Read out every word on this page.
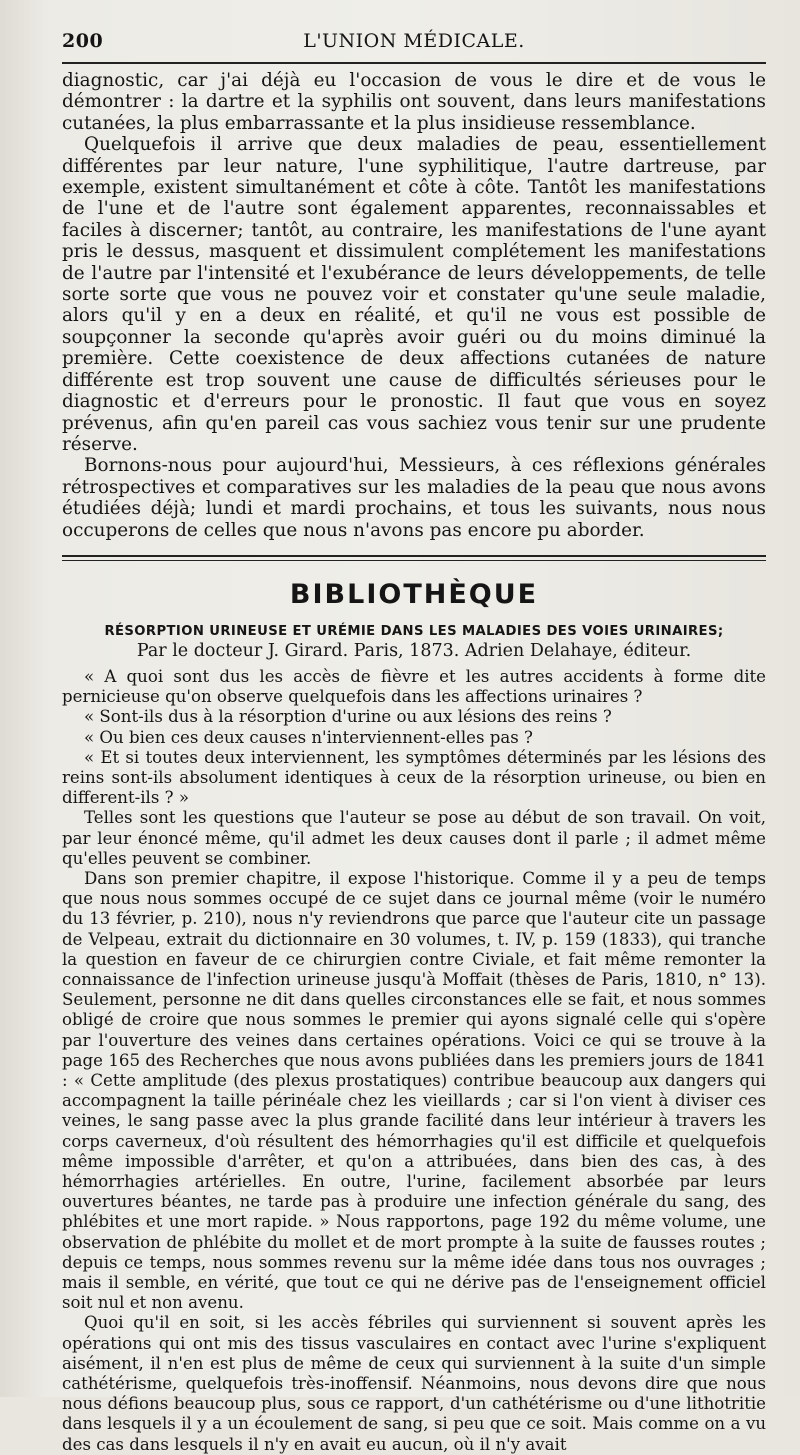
200	L'UNION MÉDICALE.

diagnostic, car j'ai déjà eu l'occasion de vous le dire et de vous le démontrer : la dartre et la syphilis ont souvent, dans leurs manifestations cutanées, la plus embarrassante et la plus insidieuse ressemblance.

Quelquefois il arrive que deux maladies de peau, essentiellement différentes par leur nature, l'une syphilitique, l'autre dartreuse, par exemple, existent simultanément et côte à côte. Tantôt les manifestations de l'une et de l'autre sont également apparentes, reconnaissables et faciles à discerner; tantôt, au contraire, les manifestations de l'une ayant pris le dessus, masquent et dissimulent complétement les manifestations de l'autre par l'intensité et l'exubérance de leurs développements, de telle sorte sorte que vous ne pouvez voir et constater qu'une seule maladie, alors qu'il y en a deux en réalité, et qu'il ne vous est possible de soupçonner la seconde qu'après avoir guéri ou du moins diminué la première. Cette coexistence de deux affections cutanées de nature différente est trop souvent une cause de difficultés sérieuses pour le diagnostic et d'erreurs pour le pronostic. Il faut que vous en soyez prévenus, afin qu'en pareil cas vous sachiez vous tenir sur une prudente réserve.

Bornons-nous pour aujourd'hui, Messieurs, à ces réflexions générales rétrospectives et comparatives sur les maladies de la peau que nous avons étudiées déjà; lundi et mardi prochains, et tous les suivants, nous nous occuperons de celles que nous n'avons pas encore pu aborder.

BIBLIOTHÈQUE
RÉSORPTION URINEUSE ET URÉMIE DANS LES MALADIES DES VOIES URINAIRES;
Par le docteur J. Girard. Paris, 1873. Adrien Delahaye, éditeur.

« A quoi sont dus les accès de fièvre et les autres accidents à forme dite pernicieuse qu'on observe quelquefois dans les affections urinaires ?

« Sont-ils dus à la résorption d'urine ou aux lésions des reins ?

« Ou bien ces deux causes n'interviennent-elles pas ?

« Et si toutes deux interviennent, les symptômes déterminés par les lésions des reins sont-ils absolument identiques à ceux de la résorption urineuse, ou bien en different-ils ? »

Telles sont les questions que l'auteur se pose au début de son travail. On voit, par leur énoncé même, qu'il admet les deux causes dont il parle ; il admet même qu'elles peuvent se combiner.

Dans son premier chapitre, il expose l'historique. Comme il y a peu de temps que nous nous sommes occupé de ce sujet dans ce journal même (voir le numéro du 13 février, p. 210), nous n'y reviendrons que parce que l'auteur cite un passage de Velpeau, extrait du dictionnaire en 30 volumes, t. IV, p. 159 (1833), qui tranche la question en faveur de ce chirurgien contre Civiale, et fait même remonter la connaissance de l'infection urineuse jusqu'à Moffait (thèses de Paris, 1810, n° 13). Seulement, personne ne dit dans quelles circonstances elle se fait, et nous sommes obligé de croire que nous sommes le premier qui ayons signalé celle qui s'opère par l'ouverture des veines dans certaines opérations. Voici ce qui se trouve à la page 165 des Recherches que nous avons publiées dans les premiers jours de 1841 : « Cette amplitude (des plexus prostatiques) contribue beaucoup aux dangers qui accompagnent la taille périnéale chez les vieillards ; car si l'on vient à diviser ces veines, le sang passe avec la plus grande facilité dans leur intérieur à travers les corps caverneux, d'où résultent des hémorrhagies qu'il est difficile et quelquefois même impossible d'arrêter, et qu'on a attribuées, dans bien des cas, à des hémorrhagies artérielles. En outre, l'urine, facilement absorbée par leurs ouvertures béantes, ne tarde pas à produire une infection générale du sang, des phlébites et une mort rapide. » Nous rapportons, page 192 du même volume, une observation de phlébite du mollet et de mort prompte à la suite de fausses routes ; depuis ce temps, nous sommes revenu sur la même idée dans tous nos ouvrages ; mais il semble, en vérité, que tout ce qui ne dérive pas de l'enseignement officiel soit nul et non avenu.

Quoi qu'il en soit, si les accès fébriles qui surviennent si souvent après les opérations qui ont mis des tissus vasculaires en contact avec l'urine s'expliquent aisément, il n'en est plus de même de ceux qui surviennent à la suite d'un simple cathétérisme, quelquefois très-inoffensif. Néanmoins, nous devons dire que nous nous défions beaucoup plus, sous ce rapport, d'un cathétérisme ou d'une lithotritie dans lesquels il y a un écoulement de sang, si peu que ce soit. Mais comme on a vu des cas dans lesquels il n'y en avait eu aucun, où il n'y avait
